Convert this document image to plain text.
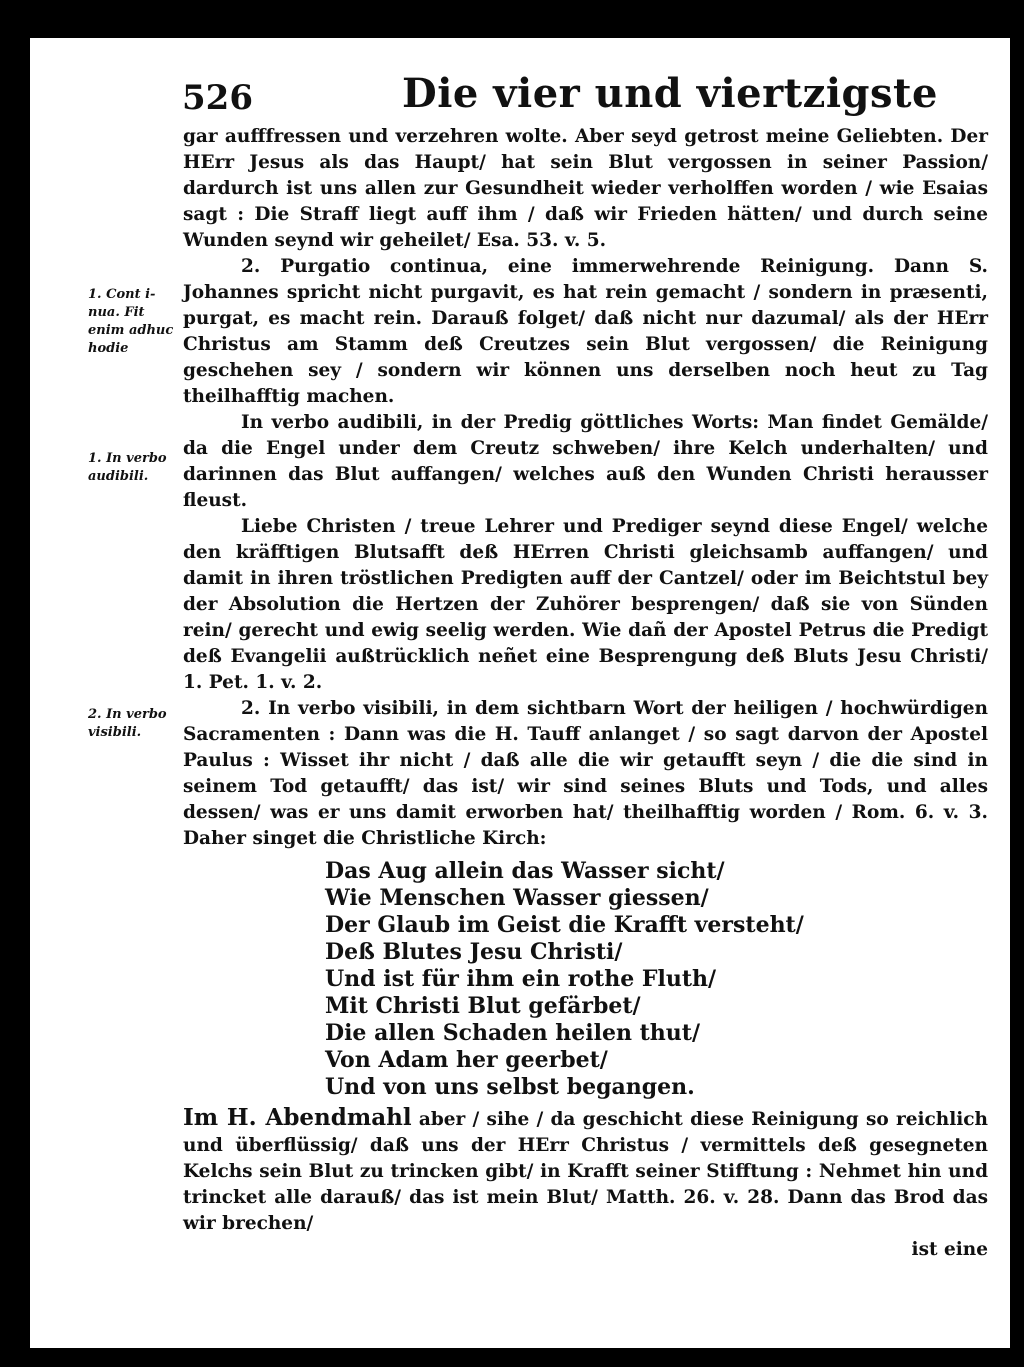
526	Die vier und viertzigste
1. Cont i- nua. Fit enim adhuc hodie
1. In verbo audibili.
2. In verbo visibili.

gar aufffressen und verzehren wolte. Aber seyd getrost meine Geliebten. Der HErr Jesus als das Haupt/ hat sein Blut vergossen in seiner Passion/ dardurch ist uns allen zur Gesundheit wieder verholffen worden / wie Esaias sagt : Die Straff liegt auff ihm / daß wir Frieden hätten/ und durch seine Wunden seynd wir geheilet/ Esa. 53. v. 5.

2. Purgatio continua, eine immerwehrende Reinigung. Dann S. Johannes spricht nicht purgavit, es hat rein gemacht / sondern in præsenti, purgat, es macht rein. Darauß folget/ daß nicht nur dazumal/ als der HErr Christus am Stamm deß Creutzes sein Blut vergossen/ die Reinigung geschehen sey / sondern wir können uns derselben noch heut zu Tag theilhafftig machen.

In verbo audibili, in der Predig göttliches Worts: Man findet Gemälde/ da die Engel under dem Creutz schweben/ ihre Kelch underhalten/ und darinnen das Blut auffangen/ welches auß den Wunden Christi herausser fleust.

Liebe Christen / treue Lehrer und Prediger seynd diese Engel/ welche den kräfftigen Blutsafft deß HErren Christi gleichsamb auffangen/ und damit in ihren tröstlichen Predigten auff der Cantzel/ oder im Beichtstul bey der Absolution die Hertzen der Zuhörer besprengen/ daß sie von Sünden rein/ gerecht und ewig seelig werden. Wie dañ der Apostel Petrus die Predigt deß Evangelii außtrücklich neñet eine Besprengung deß Bluts Jesu Christi/ 1. Pet. 1. v. 2.

2. In verbo visibili, in dem sichtbarn Wort der heiligen / hochwürdigen Sacramenten : Dann was die H. Tauff anlanget / so sagt darvon der Apostel Paulus : Wisset ihr nicht / daß alle die wir getaufft seyn / die die sind in seinem Tod getaufft/ das ist/ wir sind seines Bluts und Tods, und alles dessen/ was er uns damit erworben hat/ theilhafftig worden / Rom. 6. v. 3. Daher singet die Christliche Kirch:

Das Aug allein das Wasser sicht/
Wie Menschen Wasser giessen/
Der Glaub im Geist die Krafft versteht/
Deß Blutes Jesu Christi/
Und ist für ihm ein rothe Fluth/
Mit Christi Blut gefärbet/
Die allen Schaden heilen thut/
Von Adam her geerbet/
Und von uns selbst begangen.

Im H. Abendmahl aber / sihe / da geschicht diese Reinigung so reichlich und überflüssig/ daß uns der HErr Christus / vermittels deß gesegneten Kelchs sein Blut zu trincken gibt/ in Krafft seiner Stifftung : Nehmet hin und trincket alle darauß/ das ist mein Blut/ Matth. 26. v. 28. Dann das Brod das wir brechen/

ist eine
